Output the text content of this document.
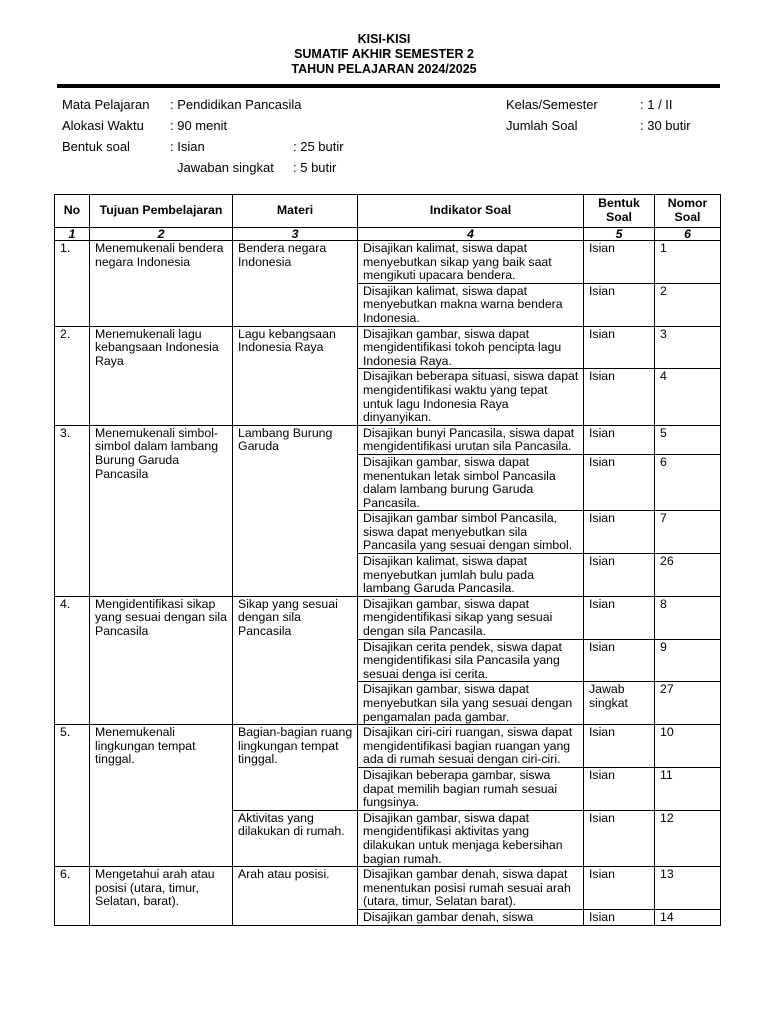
KISI-KISI
SUMATIF AKHIR SEMESTER 2
TAHUN PELAJARAN 2024/2025
Mata Pelajaran : Pendidikan Pancasila
Alokasi Waktu : 90 menit
Bentuk soal	: Isian	: 25 butir
Jawaban singkat : 5 butir
Kelas/Semester	: 1 / II
Jumlah Soal	: 30 butir
No	Tujuan Pembelajaran	Materi	Indikator Soal	Bentuk Soal	Nomor Soal
1	2	3	4	5	6
1.	Menemukenali bendera negara Indonesia	Bendera negara Indonesia	Disajikan kalimat, siswa dapat menyebutkan sikap yang baik saat mengikuti upacara bendera.	Isian	1
			Disajikan kalimat, siswa dapat menyebutkan makna warna bendera Indonesia.	Isian	2
2.	Menemukenali lagu kebangsaan Indonesia Raya	Lagu kebangsaan Indonesia Raya	Disajikan gambar, siswa dapat mengidentifikasi tokoh pencipta lagu Indonesia Raya.	Isian	3
			Disajikan beberapa situasi, siswa dapat mengidentifikasi waktu yang tepat untuk lagu Indonesia Raya dinyanyikan.	Isian	4
3.	Menemukenali simbol-simbol dalam lambang Burung Garuda Pancasila	Lambang Burung Garuda	Disajikan bunyi Pancasila, siswa dapat mengidentifikasi urutan sila Pancasila.	Isian	5
			Disajikan gambar, siswa dapat menentukan letak simbol Pancasila dalam lambang burung Garuda Pancasila.	Isian	6
			Disajikan gambar simbol Pancasila, siswa dapat menyebutkan sila Pancasila yang sesuai dengan simbol.	Isian	7
			Disajikan kalimat, siswa dapat menyebutkan jumlah bulu pada lambang Garuda Pancasila.	Isian	26
4.	Mengidentifikasi sikap yang sesuai dengan sila Pancasila	Sikap yang sesuai dengan sila Pancasila	Disajikan gambar, siswa dapat mengidentifikasi sikap yang sesuai dengan sila Pancasila.	Isian	8
			Disajikan cerita pendek, siswa dapat mengidentifikasi sila Pancasila yang sesuai denga isi cerita.	Isian	9
			Disajikan gambar, siswa dapat menyebutkan sila yang sesuai dengan pengamalan pada gambar.	Jawab singkat	27
5.	Menemukenali lingkungan tempat tinggal.	Bagian-bagian ruang lingkungan tempat tinggal.	Disajikan ciri-ciri ruangan, siswa dapat mengidentifikasi bagian ruangan yang ada di rumah sesuai dengan ciri-ciri.	Isian	10
			Disajikan beberapa gambar, siswa dapat memilih bagian rumah sesuai fungsinya.	Isian	11
		Aktivitas yang dilakukan di rumah.	Disajikan gambar, siswa dapat mengidentifikasi aktivitas yang dilakukan untuk menjaga kebersihan bagian rumah.	Isian	12
6.	Mengetahui arah atau posisi (utara, timur, Selatan, barat).	Arah atau posisi.	Disajikan gambar denah, siswa dapat menentukan posisi rumah sesuai arah (utara, timur, Selatan barat).	Isian	13
			Disajikan gambar denah, siswa	Isian	14
